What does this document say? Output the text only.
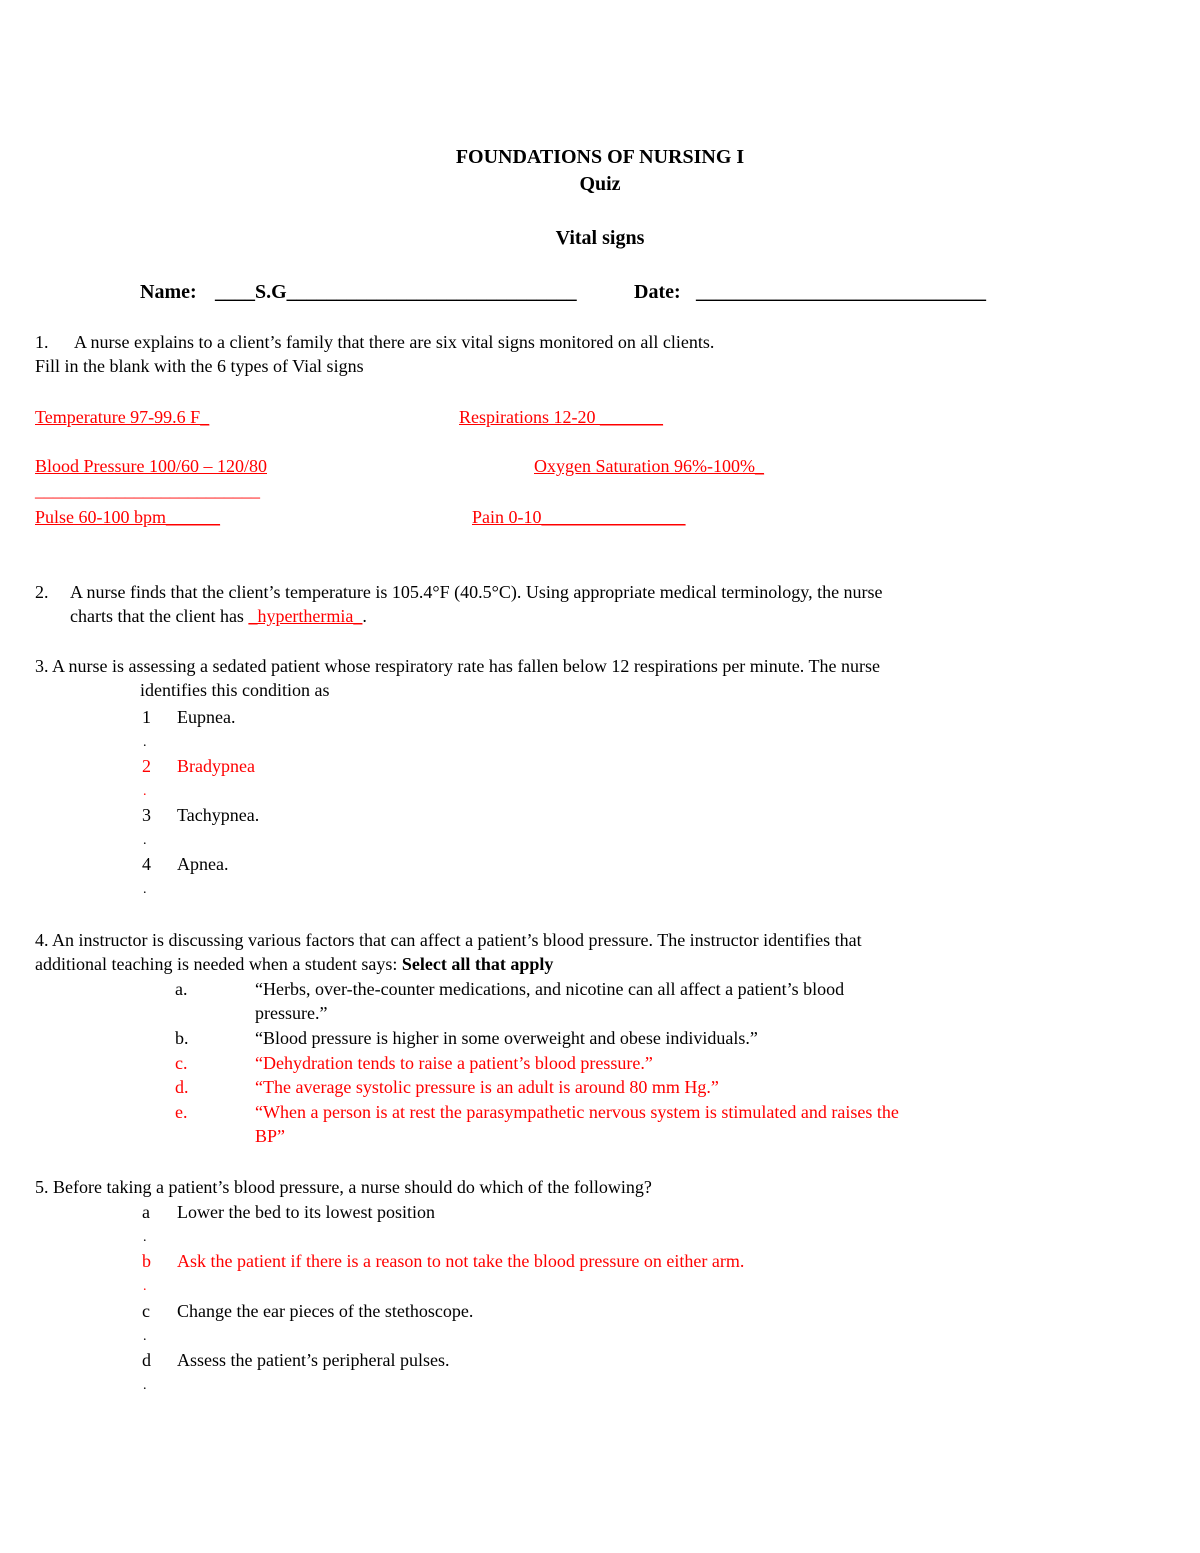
FOUNDATIONS OF NURSING I
Quiz
Vital signs
Name: ____S.G_____________________________	Date: _____________________________
1. A nurse explains to a client’s family that there are six vital signs monitored on all clients.
Fill in the blank with the 6 types of Vial signs
Temperature 97-99.6 F_	Respirations 12-20 _______
Blood Pressure 100/60 – 120/80	Oxygen Saturation 96%-100%_
_________________________
Pulse 60-100 bpm______	Pain 0-10________________
2. A nurse finds that the client’s temperature is 105.4°F (40.5°C). Using appropriate medical terminology, the nurse
charts that the client has _hyperthermia_.
3. A nurse is assessing a sedated patient whose respiratory rate has fallen below 12 respirations per minute. The nurse
identifies this condition as
1 Eupnea.
.
2 Bradypnea
.
3 Tachypnea.
.
4 Apnea.
.
4. An instructor is discussing various factors that can affect a patient’s blood pressure. The instructor identifies that
additional teaching is needed when a student says: Select all that apply
a.	“Herbs, over-the-counter medications, and nicotine can all affect a patient’s blood
pressure.”
b.	“Blood pressure is higher in some overweight and obese individuals.”
c.	“Dehydration tends to raise a patient’s blood pressure.”
d.	“The average systolic pressure is an adult is around 80 mm Hg.”
e.	“When a person is at rest the parasympathetic nervous system is stimulated and raises the
BP”
5. Before taking a patient’s blood pressure, a nurse should do which of the following?
a Lower the bed to its lowest position
.
b Ask the patient if there is a reason to not take the blood pressure on either arm.
.
c Change the ear pieces of the stethoscope.
.
d Assess the patient’s peripheral pulses.
.
